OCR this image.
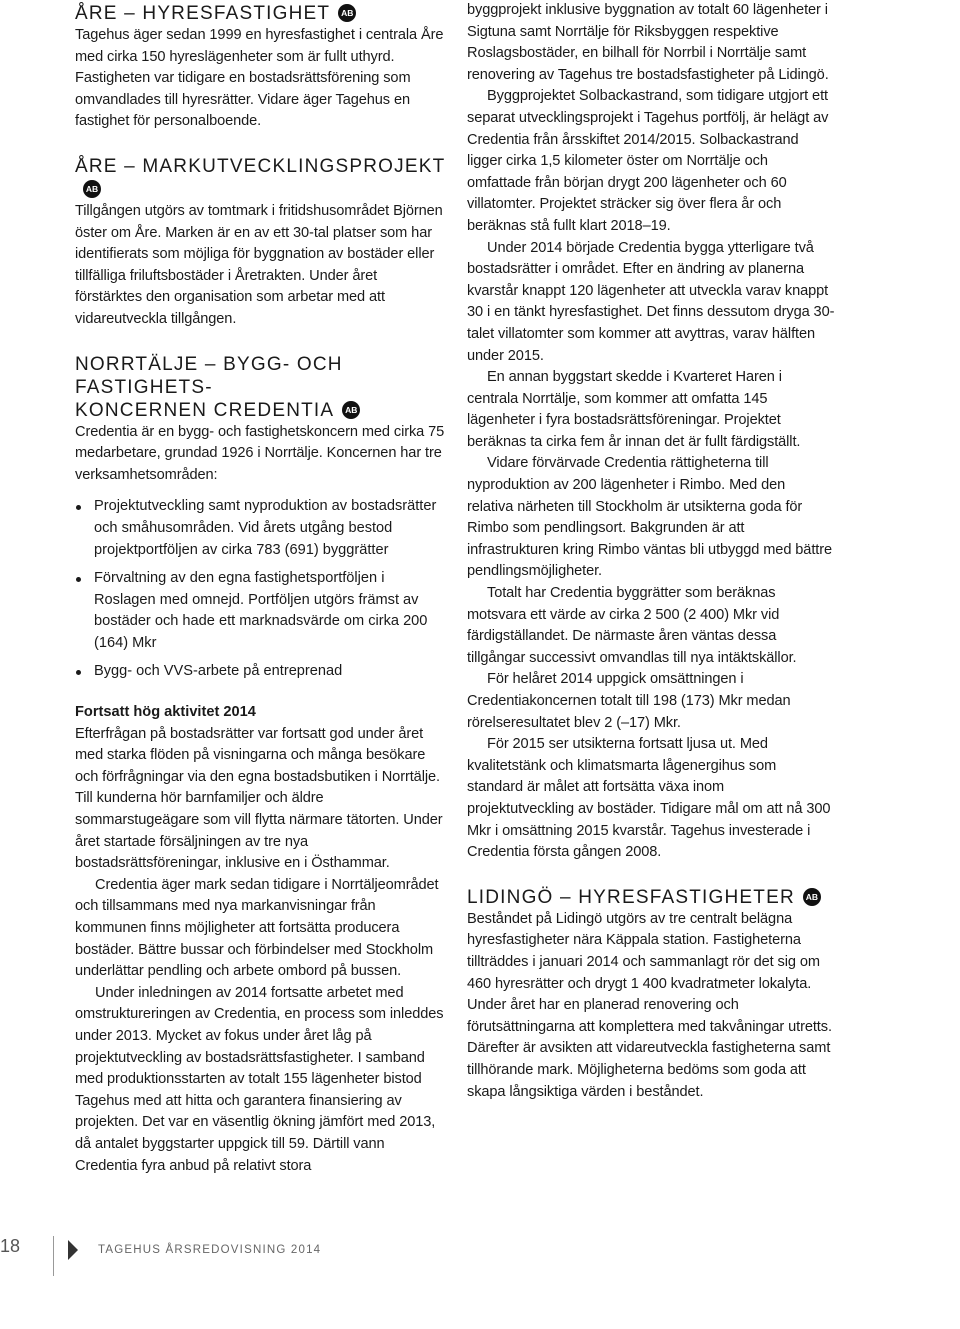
ÅRE – HYRESFASTIGHET AB

Tagehus äger sedan 1999 en hyresfastighet i centrala Åre med cirka 150 hyreslägenheter som är fullt uthyrd. Fastigheten var tidigare en bostadsrättsförening som omvandlades till hyresrätter. Vidare äger Tagehus en fastighet för personalboende.

ÅRE – MARKUTVECKLINGSPROJEKTAB

Tillgången utgörs av tomtmark i fritidshusområdet Björnen öster om Åre. Marken är en av ett 30-tal platser som har identifierats som möjliga för byggnation av bostäder eller tillfälliga friluftsbostäder i Åretrakten. Under året förstärktes den organisation som arbetar med att vidareutveckla tillgången.

NORRTÄLJE – BYGG- OCH FASTIGHETS-
KONCERNEN CREDENTIA AB

Credentia är en bygg- och fastighetskoncern med cirka 75 medarbetare, grundad 1926 i Norrtälje. Koncernen har tre verksamhetsområden:

Projektutveckling samt nyproduktion av bostadsrätter och småhusområden. Vid årets utgång bestod projektportföljen av cirka 783 (691) byggrätter
Förvaltning av den egna fastighetsportföljen i Roslagen med omnejd. Portföljen utgörs främst av bostäder och hade ett marknadsvärde om cirka 200 (164) Mkr
Bygg- och VVS-arbete på entreprenad
Fortsatt hög aktivitet 2014

Efterfrågan på bostadsrätter var fortsatt god under året med starka flöden på visningarna och många besökare och förfrågningar via den egna bostadsbutiken i Norrtälje. Till kunderna hör barnfamiljer och äldre sommarstugeägare som vill flytta närmare tätorten. Under året startade försäljningen av tre nya bostadsrättsföreningar, inklusive en i Östhammar.

Credentia äger mark sedan tidigare i Norrtäljeområdet och tillsammans med nya markanvisningar från kommunen finns möjligheter att fortsätta producera bostäder. Bättre bussar och förbindelser med Stockholm underlättar pendling och arbete ombord på bussen.

Under inledningen av 2014 fortsatte arbetet med omstruktureringen av Credentia, en process som inleddes under 2013. Mycket av fokus under året låg på projektutveckling av bostadsrättsfastigheter. I samband med produktionsstarten av totalt 155 lägenheter bistod Tagehus med att hitta och garantera finansiering av projekten. Det var en väsentlig ökning jämfört med 2013, då antalet byggstarter uppgick till 59. Därtill vann Credentia fyra anbud på relativt stora

byggprojekt inklusive byggnation av totalt 60 lägenheter i Sigtuna samt Norrtälje för Riksbyggen respektive Roslagsbostäder, en bilhall för Norrbil i Norrtälje samt renovering av Tagehus tre bostadsfastigheter på Lidingö.

Byggprojektet Solbackastrand, som tidigare utgjort ett separat utvecklingsprojekt i Tagehus portfölj, är helägt av Credentia från årsskiftet 2014/2015. Solbackastrand ligger cirka 1,5 kilometer öster om Norrtälje och omfattade från början drygt 200 lägenheter och 60 villatomter. Projektet sträcker sig över flera år och beräknas stå fullt klart 2018–19.

Under 2014 började Credentia bygga ytterligare två bostadsrätter i området. Efter en ändring av planerna kvarstår knappt 120 lägenheter att utveckla varav knappt 30 i en tänkt hyresfastighet. Det finns dessutom dryga 30-talet villatomter som kommer att avyttras, varav hälften under 2015.

En annan byggstart skedde i Kvarteret Haren i centrala Norrtälje, som kommer att omfatta 145 lägenheter i fyra bostadsrättsföreningar. Projektet beräknas ta cirka fem år innan det är fullt färdigställt.

Vidare förvärvade Credentia rättigheterna till nyproduktion av 200 lägenheter i Rimbo. Med den relativa närheten till Stockholm är utsikterna goda för Rimbo som pendlingsort. Bakgrunden är att infrastrukturen kring Rimbo väntas bli utbyggd med bättre pendlingsmöjligheter.

Totalt har Credentia byggrätter som beräknas motsvara ett värde av cirka 2 500 (2 400) Mkr vid färdigställandet. De närmaste åren väntas dessa tillgångar successivt omvandlas till nya intäktskällor.

För helåret 2014 uppgick omsättningen i Credentiakoncernen totalt till 198 (173) Mkr medan rörelseresultatet blev 2 (–17) Mkr.

För 2015 ser utsikterna fortsatt ljusa ut. Med kvalitetstänk och klimatsmarta lågenergihus som standard är målet att fortsätta växa inom projektutveckling av bostäder. Tidigare mål om att nå 300 Mkr i omsättning 2015 kvarstår. Tagehus investerade i Credentia första gången 2008.

LIDINGÖ – HYRESFASTIGHETER AB

Beståndet på Lidingö utgörs av tre centralt belägna hyresfastigheter nära Käppala station. Fastigheterna tillträddes i januari 2014 och sammanlagt rör det sig om 460 hyresrätter och drygt 1 400 kvadratmeter lokalyta. Under året har en planerad renovering och förutsättningarna att komplettera med takvåningar utretts. Därefter är avsikten att vidareutveckla fastigheterna samt tillhörande mark. Möjligheterna bedöms som goda att skapa långsiktiga värden i beståndet.

18	TAGEHUS ÅRSREDOVISNING 2014
